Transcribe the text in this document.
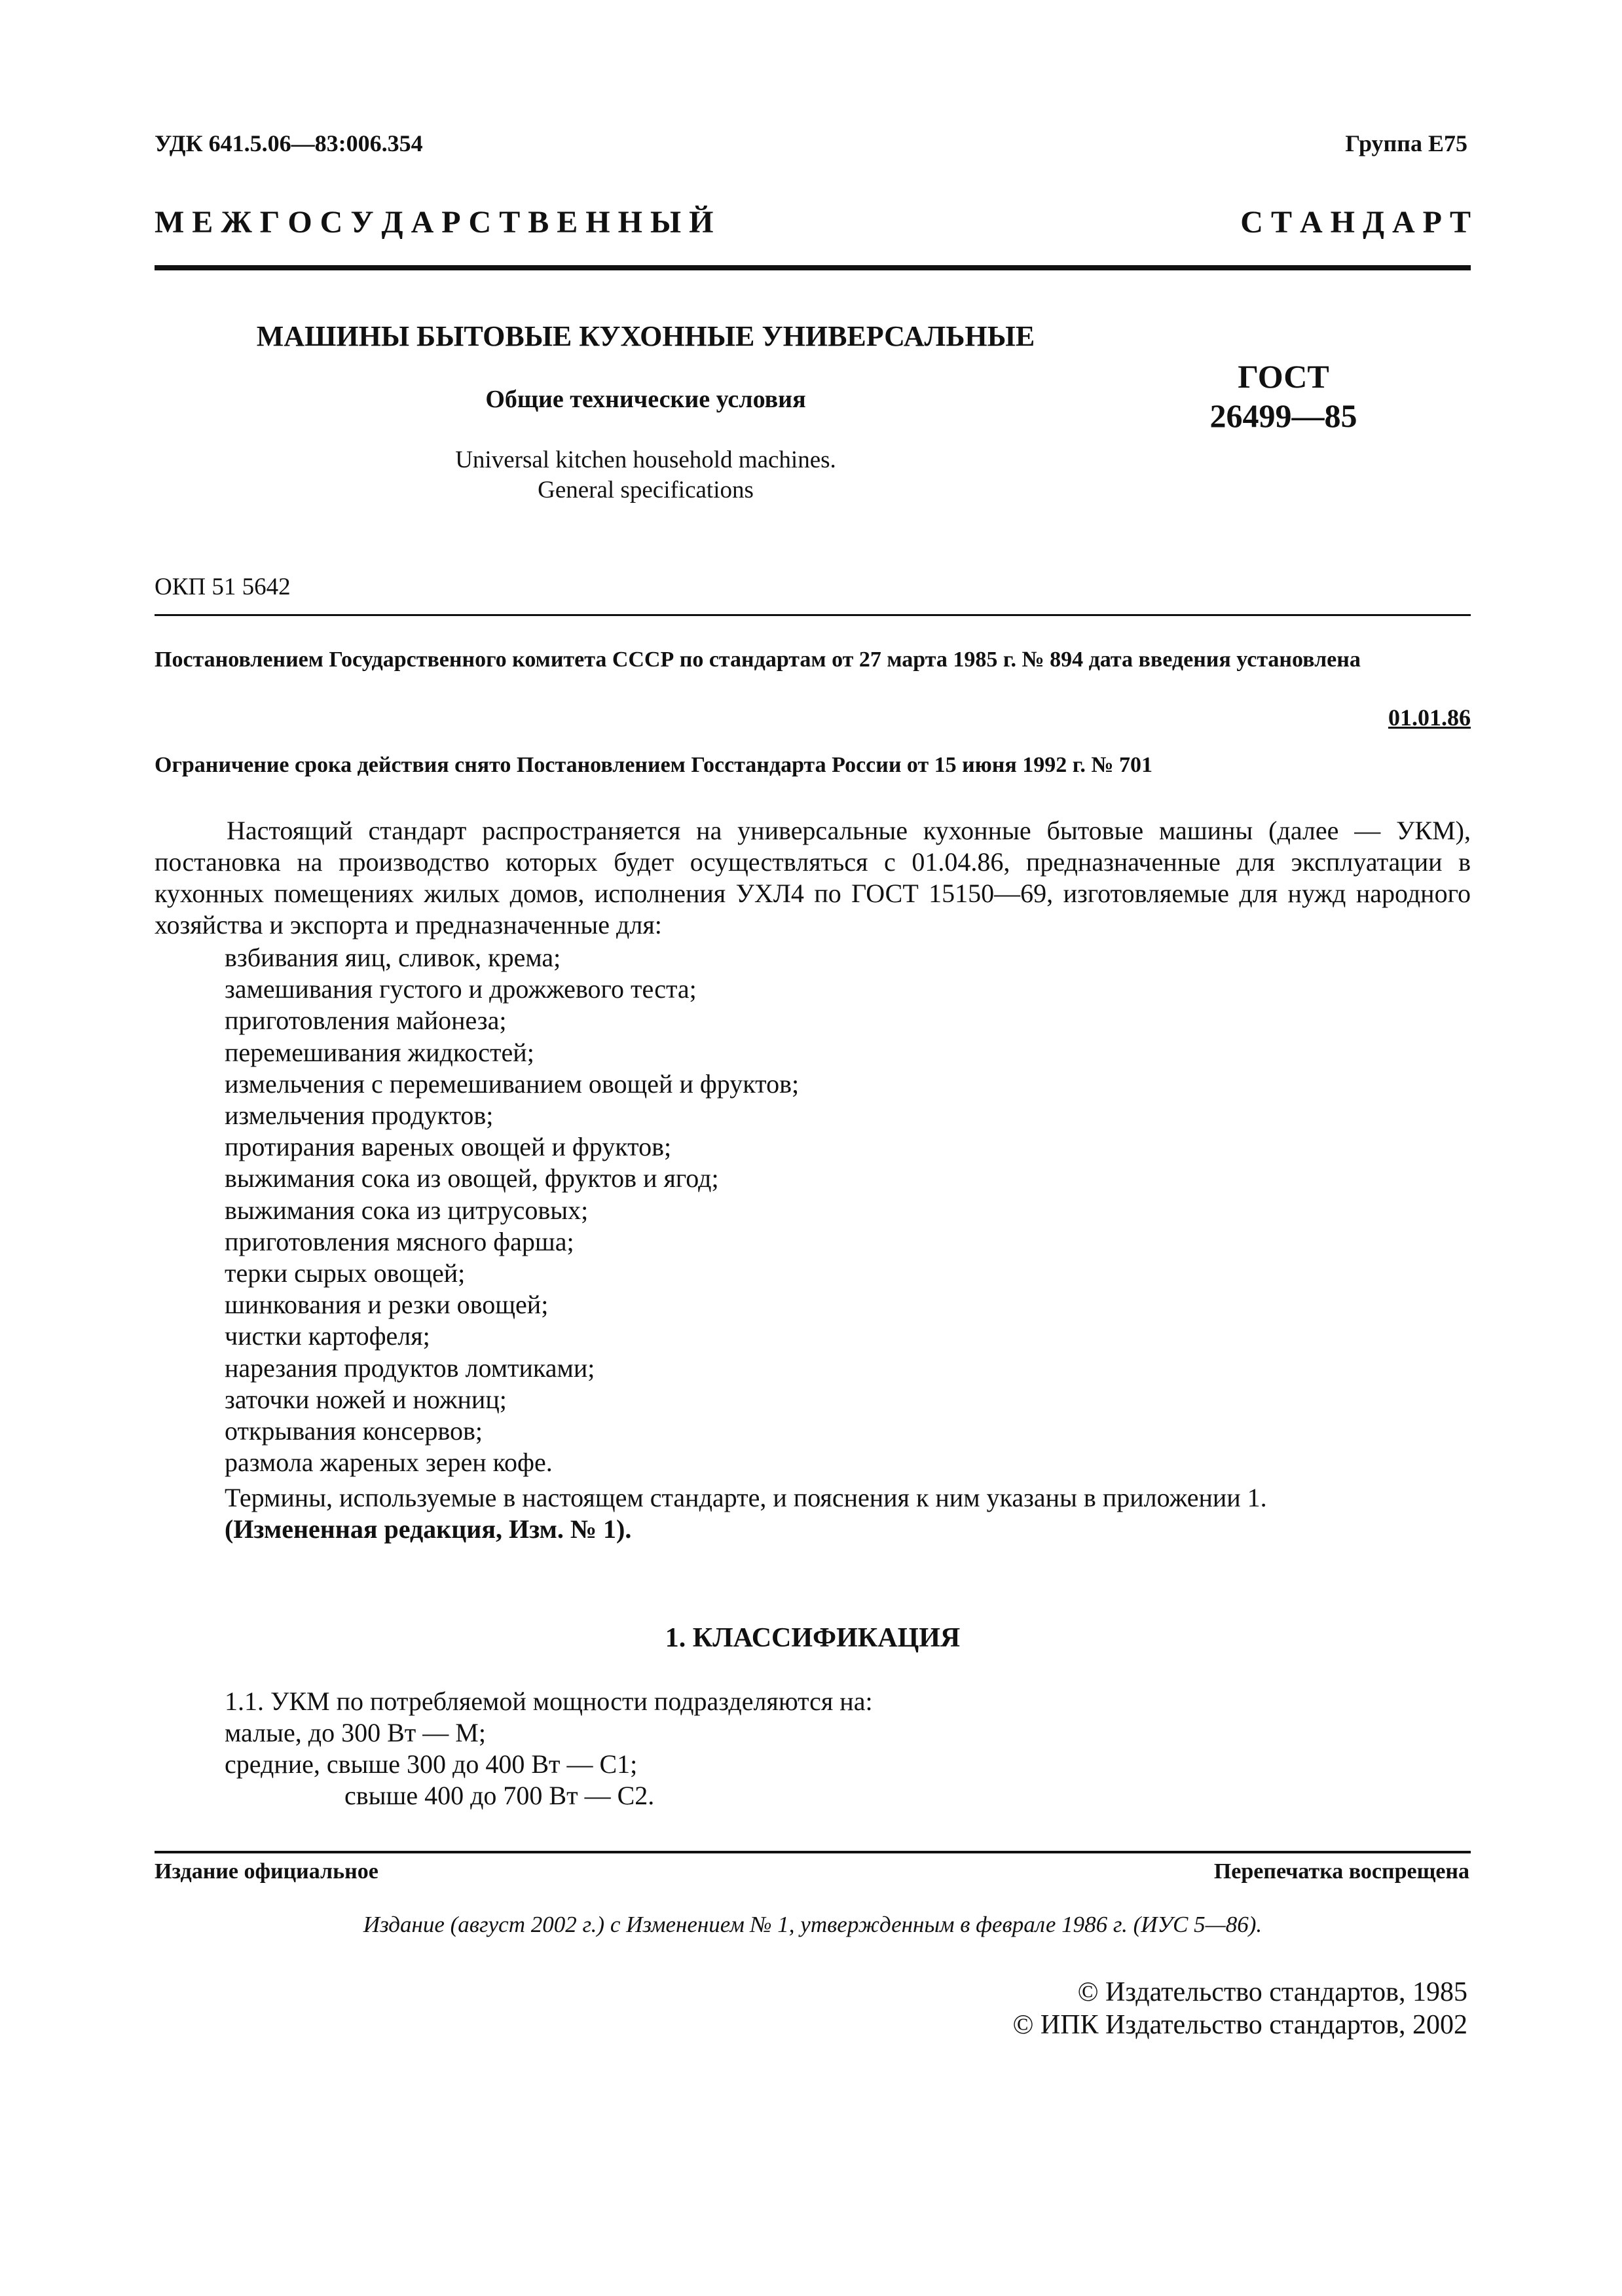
УДК 641.5.06—83:006.354	Группа Е75
М Е Ж Г О С У Д А Р С Т В Е Н Н Ы Й	С Т А Н Д А Р Т
МАШИНЫ БЫТОВЫЕ КУХОННЫЕ УНИВЕРСАЛЬНЫЕ
Общие технические условия
Universal kitchen household machines.
General specifications
ГОСТ
26499—85
ОКП 51 5642
Постановлением Государственного комитета СССР по стандартам от 27 марта 1985 г. № 894 дата введения установлена
01.01.86
Ограничение срока действия снято Постановлением Госстандарта России от 15 июня 1992 г. № 701
Настоящий стандарт распространяется на универсальные кухонные бытовые машины (далее — УКМ), постановка на производство которых будет осуществляться с 01.04.86, предназначенные для эксплуатации в кухонных помещениях жилых домов, исполнения УХЛ4 по ГОСТ 15150—69, изготовляемые для нужд народного хозяйства и экспорта и предназначенные для:
взбивания яиц, сливок, крема;
замешивания густого и дрожжевого теста;
приготовления майонеза;
перемешивания жидкостей;
измельчения с перемешиванием овощей и фруктов;
измельчения продуктов;
протирания вареных овощей и фруктов;
выжимания сока из овощей, фруктов и ягод;
выжимания сока из цитрусовых;
приготовления мясного фарша;
терки сырых овощей;
шинкования и резки овощей;
чистки картофеля;
нарезания продуктов ломтиками;
заточки ножей и ножниц;
открывания консервов;
размола жареных зерен кофе.
Термины, используемые в настоящем стандарте, и пояснения к ним указаны в приложении 1.
(Измененная редакция, Изм. № 1).
1. КЛАССИФИКАЦИЯ
1.1. УКМ по потребляемой мощности подразделяются на:
малые, до 300 Вт — М;
средние, свыше 300 до 400 Вт — С1;
свыше 400 до 700 Вт — С2.
Издание официальное	Перепечатка воспрещена
Издание (август 2002 г.) с Изменением № 1, утвержденным в феврале 1986 г. (ИУС 5—86).
© Издательство стандартов, 1985
© ИПК Издательство стандартов, 2002
